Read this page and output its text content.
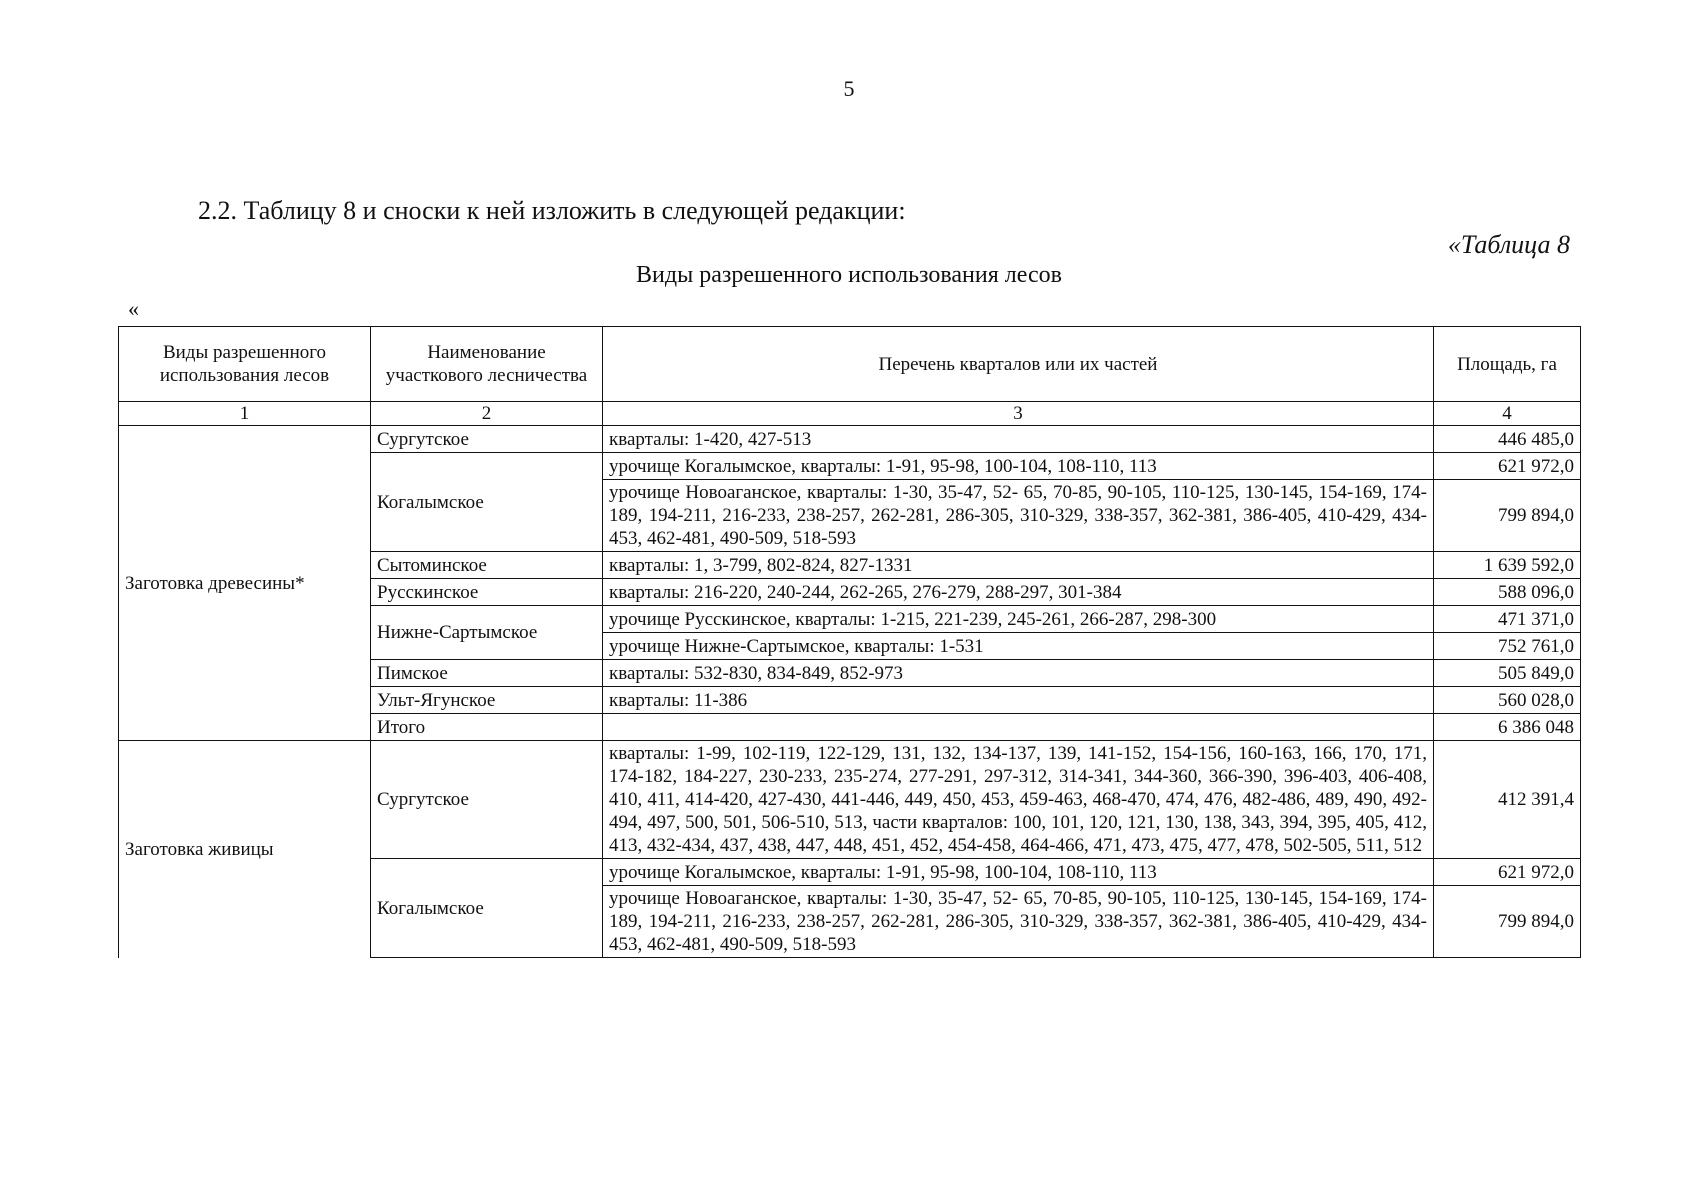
5
2.2. Таблицу 8 и сноски к ней изложить в следующей редакции:
«Таблица 8
Виды разрешенного использования лесов
«
Виды разрешенного использования лесов	Наименование участкового лесничества	Перечень кварталов или их частей	Площадь, га
1	2	3	4
Заготовка древесины*	Сургутское	кварталы: 1-420, 427-513	446 485,0
	Когалымское	урочище Когалымское, кварталы: 1-91, 95-98, 100-104, 108-110, 113	621 972,0
		урочище Новоаганское, кварталы: 1-30, 35-47, 52- 65, 70-85, 90-105, 110-125, 130-145, 154-169, 174-189, 194-211, 216-233, 238-257, 262-281, 286-305, 310-329, 338-357, 362-381, 386-405, 410-429, 434-453, 462-481, 490-509, 518-593	799 894,0
	Сытоминское	кварталы: 1, 3-799, 802-824, 827-1331	1 639 592,0
	Русскинское	кварталы: 216-220, 240-244, 262-265, 276-279, 288-297, 301-384	588 096,0
	Нижне-Сартымское	урочище Русскинское, кварталы: 1-215, 221-239, 245-261, 266-287, 298-300	471 371,0
		урочище Нижне-Сартымское, кварталы: 1-531	752 761,0
	Пимское	кварталы: 532-830, 834-849, 852-973	505 849,0
	Ульт-Ягунское	кварталы: 11-386	560 028,0
	Итого		6 386 048
Заготовка живицы	Сургутское	кварталы: 1-99, 102-119, 122-129, 131, 132, 134-137, 139, 141-152, 154-156, 160-163, 166, 170, 171, 174-182, 184-227, 230-233, 235-274, 277-291, 297-312, 314-341, 344-360, 366-390, 396-403, 406-408, 410, 411, 414-420, 427-430, 441-446, 449, 450, 453, 459-463, 468-470, 474, 476, 482-486, 489, 490, 492-494, 497, 500, 501, 506-510, 513, части кварталов: 100, 101, 120, 121, 130, 138, 343, 394, 395, 405, 412, 413, 432-434, 437, 438, 447, 448, 451, 452, 454-458, 464-466, 471, 473, 475, 477, 478, 502-505, 511, 512	412 391,4
	Когалымское	урочище Когалымское, кварталы: 1-91, 95-98, 100-104, 108-110, 113	621 972,0
		урочище Новоаганское, кварталы: 1-30, 35-47, 52- 65, 70-85, 90-105, 110-125, 130-145, 154-169, 174-189, 194-211, 216-233, 238-257, 262-281, 286-305, 310-329, 338-357, 362-381, 386-405, 410-429, 434-453, 462-481, 490-509, 518-593	799 894,0
